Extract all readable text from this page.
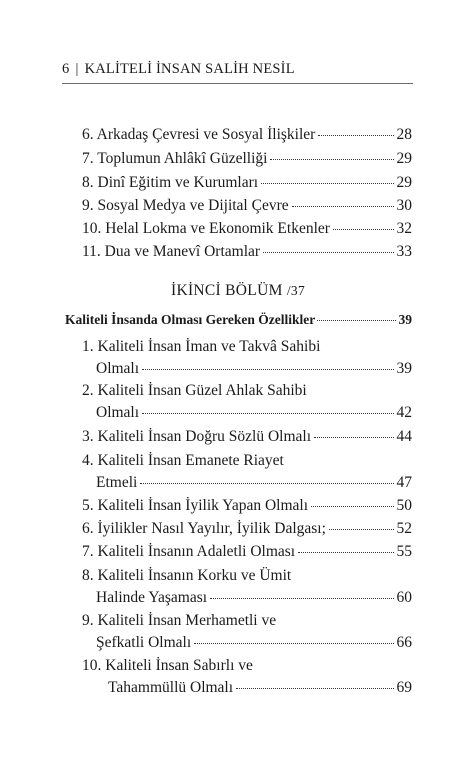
6 | KALİTELİ İNSAN SALİH NESİL
6. Arkadaş Çevresi ve Sosyal İlişkiler	28
7. Toplumun Ahlâkî Güzelliği	29
8. Dinî Eğitim ve Kurumları	29
9. Sosyal Medya ve Dijital Çevre	30
10. Helal Lokma ve Ekonomik Etkenler	32
11. Dua ve Manevî Ortamlar	33
İKİNCİ BÖLÜM /37
Kaliteli İnsanda Olması Gereken Özellikler	39
1. Kaliteli İnsan İman ve Takvâ Sahibi
Olmalı	39
2. Kaliteli İnsan Güzel Ahlak Sahibi
Olmalı	42
3. Kaliteli İnsan Doğru Sözlü Olmalı	44
4. Kaliteli İnsan Emanete Riayet
Etmeli	47
5. Kaliteli İnsan İyilik Yapan Olmalı	50
6. İyilikler Nasıl Yayılır, İyilik Dalgası;	52
7. Kaliteli İnsanın Adaletli Olması	55
8. Kaliteli İnsanın Korku ve Ümit
Halinde Yaşaması	60
9. Kaliteli İnsan Merhametli ve
Şefkatli Olmalı	66
10. Kaliteli İnsan Sabırlı ve
Tahammüllü Olmalı	69
